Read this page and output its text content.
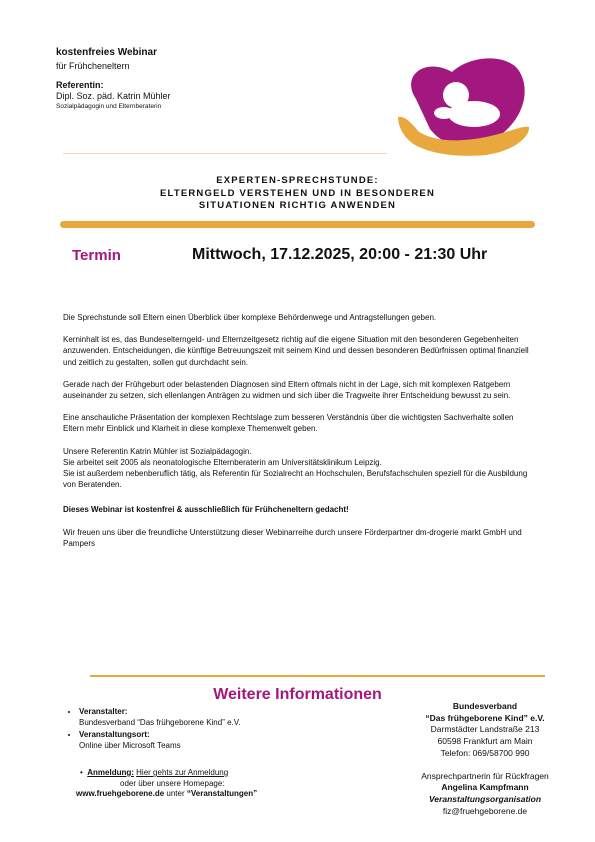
kostenfreies Webinar
für Frühcheneltern
Referentin:
Dipl. Soz. päd. Katrin Mühler
Sozialpädagogin und Elternberaterin
EXPERTEN-SPRECHSTUNDE:
ELTERNGELD VERSTEHEN UND IN BESONDEREN
SITUATIONEN RICHTIG ANWENDEN
Termin	Mittwoch, 17.12.2025, 20:00 - 21:30 Uhr

Die Sprechstunde soll Eltern einen Überblick über komplexe Behördenwege und Antragstellungen geben.

Kerninhalt ist es, das Bundeselterngeld- und Elternzeitgesetz richtig auf die eigene Situation mit den besonderen Gegebenheiten anzuwenden. Entscheidungen, die künftige Betreuungszeit mit seinem Kind und dessen besonderen Bedürfnissen optimal finanziell und zeitlich zu gestalten, sollen gut durchdacht sein.

Gerade nach der Frühgeburt oder belastenden Diagnosen sind Eltern oftmals nicht in der Lage, sich mit komplexen Ratgebern auseinander zu setzen, sich ellenlangen Anträgen zu widmen und sich über die Tragweite ihrer Entscheidung bewusst zu sein.

Eine anschauliche Präsentation der komplexen Rechtslage zum besseren Verständnis über die wichtigsten Sachverhalte sollen Eltern mehr Einblick und Klarheit in diese komplexe Themenwelt geben.

Unsere Referentin Katrin Mühler ist Sozialpädagogin.
Sie arbeitet seit 2005 als neonatologische Elternberaterin am Universitätsklinikum Leipzig.
Sie ist außerdem nebenberuflich tätig, als Referentin für Sozialrecht an Hochschulen, Berufsfachschulen speziell für die Ausbildung von Beratenden.

Dieses Webinar ist kostenfrei & ausschließlich für Frühcheneltern gedacht!

Wir freuen uns über die freundliche Unterstützung dieser Webinarreihe durch unsere Förderpartner dm-drogerie markt GmbH und Pampers

Weitere Informationen
• Veranstalter:
Bundesverband “Das frühgeborene Kind” e.V.
• Veranstaltungsort:
Online über Microsoft Teams
•  Anmeldung: Hier gehts zur Anmeldung
oder über unsere Homepage:
www.fruehgeborene.de unter “Veranstaltungen”
Bundesverband
“Das frühgeborene Kind” e.V.
Darmstädter Landstraße 213
60598 Frankfurt am Main
Telefon: 069/58700 990
Ansprechpartnerin für Rückfragen
Angelina Kampfmann
Veranstaltungsorganisation
fiz@fruehgeborene.de
